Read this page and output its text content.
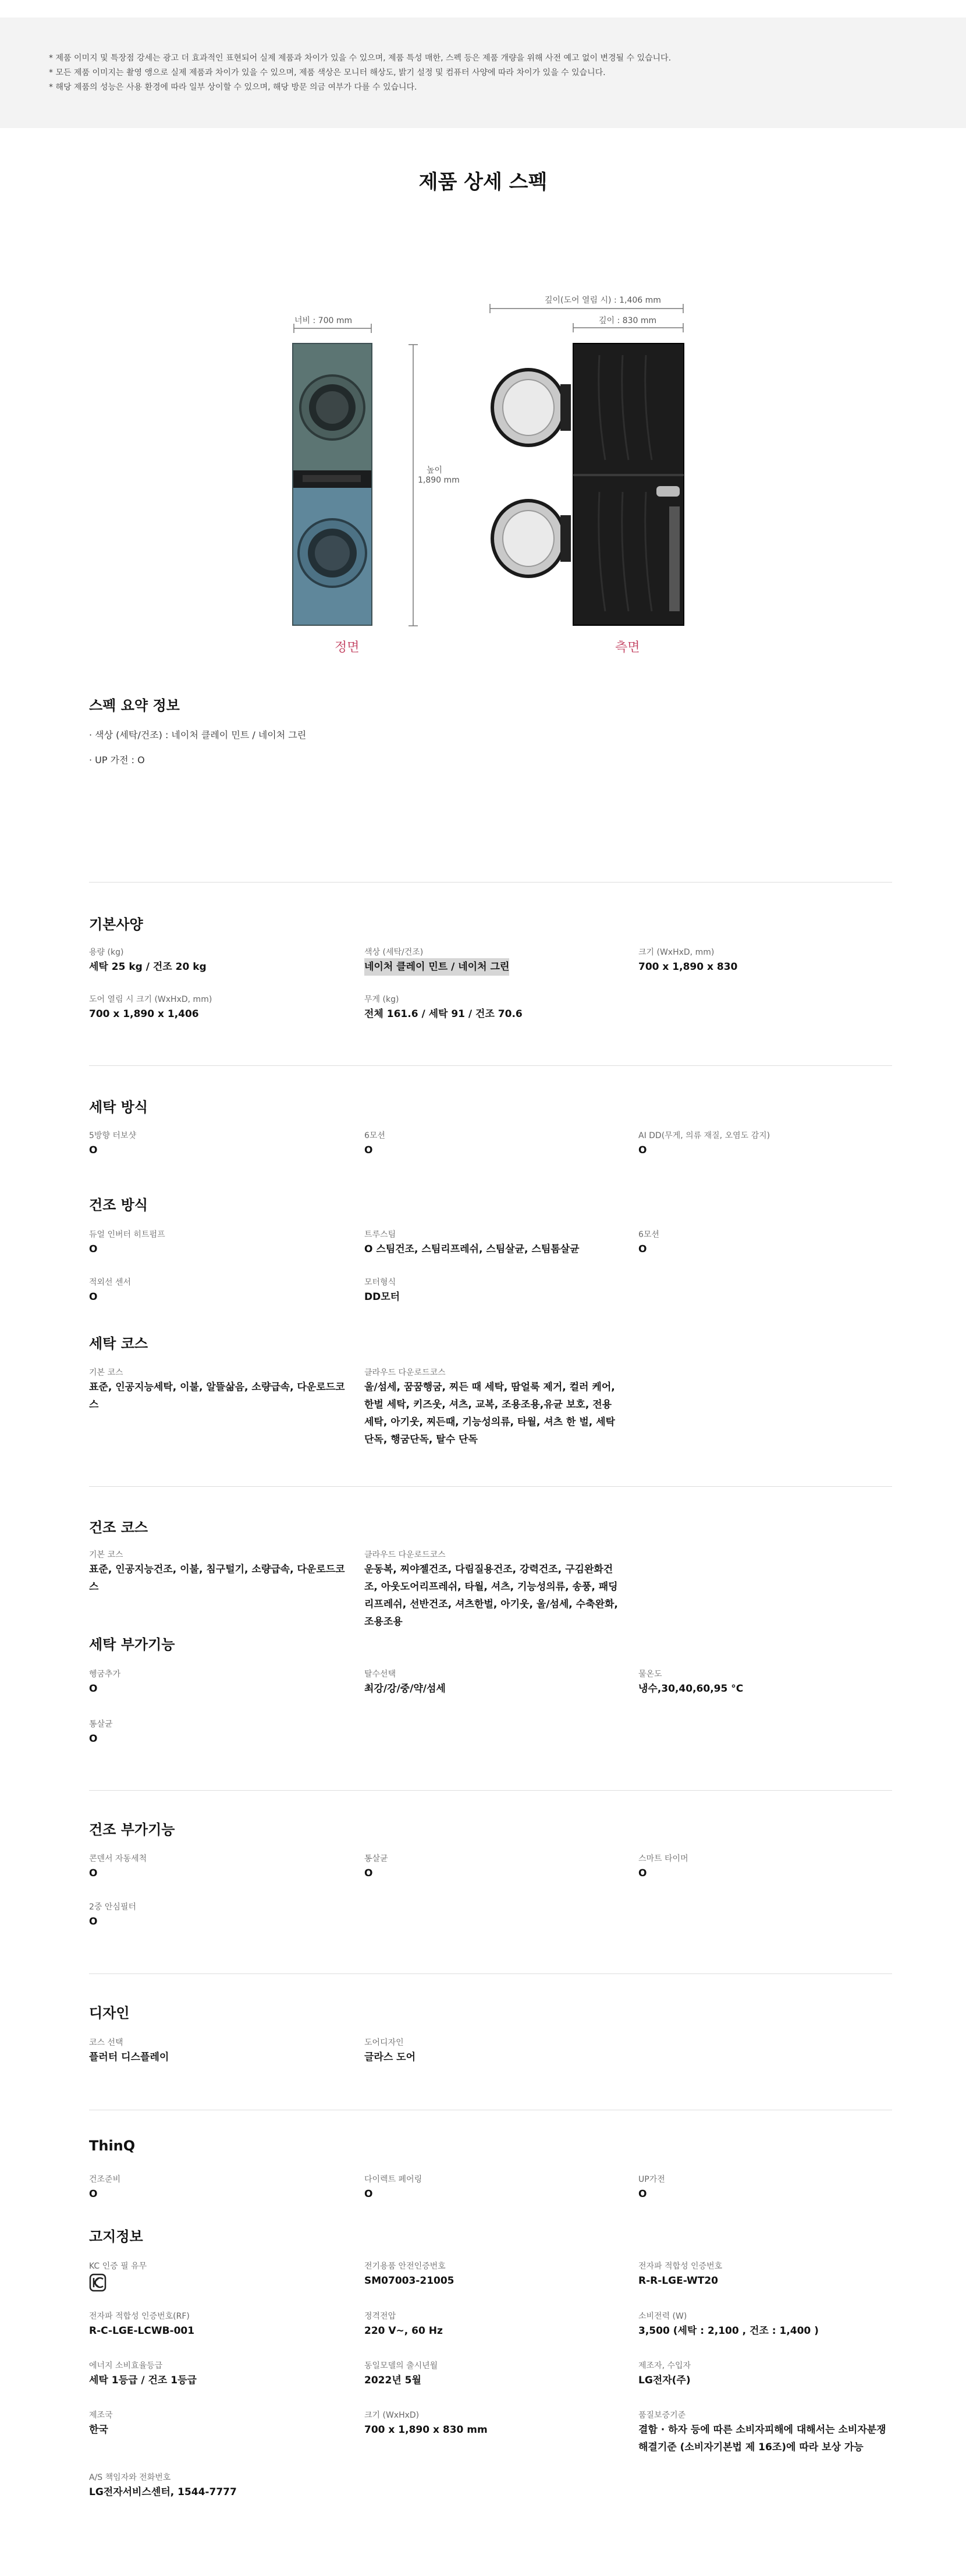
* 제품 이미지 및 특장점 강세는 광고 더 효과적인 표현되어 실제 제품과 차이가 있을 수 있으며, 제품 특성 매한, 스펙 등은 제품 개량을 위해 사전 예고 없이 변경될 수 있습니다.

* 모든 제품 이미지는 촬영 앵으로 실제 제품과 차이가 있을 수 있으며, 제품 색상은 모니터 해상도, 밝기 설정 및 컴퓨터 사양에 따라 차이가 있을 수 있습니다.

* 해당 제품의 성능은 사용 환경에 따라 일부 상이할 수 있으며, 해당 방문 의금 여부가 다를 수 있습니다.

제품 상세 스펙
너비 : 700 mm
높이
1,890 mm
깊이(도어 열림 시) : 1,406 mm
깊이 : 830 mm
정면	측면
스펙 요약 정보
· 색상 (세탁/건조) : 네이처 클레이 민트 / 네이처 그린
· UP 가전 : O
기본사양
용량 (kg)
세탁 25 kg / 건조 20 kg
색상 (세탁/건조)
네이처 클레이 민트 / 네이처 그린
크기 (WxHxD, mm)
700 x 1,890 x 830
도어 열림 시 크기 (WxHxD, mm)
700 x 1,890 x 1,406
무게 (kg)
전체 161.6 / 세탁 91 / 건조 70.6
세탁 방식
5방향 터보샷
O
6모션
O
AI DD(무게, 의류 재질, 오염도 감지)
O
건조 방식
듀얼 인버터 히트펌프
O
트루스팀
O 스팀건조, 스팀리프레쉬, 스팀살균, 스팀톰살균
6모션
O
적외선 센서
O
모터형식
DD모터
세탁 코스
기본 코스
표준, 인공지능세탁, 이불, 알뜰삶음, 소량급속, 다운로드코스
클라우드 다운로드코스
울/섬세, 꿈꿈행굼, 찌든 때 세탁, 땀얼룩 제거, 컬러 케어, 한벌 세탁, 키즈웃, 셔츠, 교복, 조용조용,유균 보호, 전용세탁, 아기웃, 찌든때, 기능성의류, 타월, 셔츠 한 벌, 세탁단독, 행굼단독, 탈수 단독
건조 코스
기본 코스
표준, 인공지능건조, 이불, 침구털기, 소량급속, 다운로드코스
클라우드 다운로드코스
운동복, 찌야젤건조, 다림질용건조, 강력건조, 구김완화건조, 아웃도어리프레쉬, 타월, 셔츠, 기능성의류, 송풍, 패딩리프레쉬, 선반건조, 셔츠한벌, 아기웃, 울/섬세, 수축완화, 조용조용
세탁 부가기능
헹굼추가
O
탈수선택
최강/강/중/약/섬세
물온도
냉수,30,40,60,95 °C
통살균
O
건조 부가기능
콘덴서 자동세척
O
통살균
O
스마트 타이머
O
2중 안심필터
O
디자인
코스 선택
플러터 디스플레이
도어디자인
글라스 도어
ThinQ
건조준비
O
다이렉트 페어링
O
UP가전
O
고지정보
KC 인증 필 유무	전기용품 안전인증번호
SM07003-21005
전자파 적합성 인증번호
R-R-LGE-WT20
전자파 적합성 인증번호(RF)
R-C-LGE-LCWB-001
정격전압
220 V~, 60 Hz
소비전력 (W)
3,500 (세탁 : 2,100 , 건조 : 1,400 )
에너지 소비효율등급
세탁 1등급 / 건조 1등급
동일모델의 출시년월
2022년 5월
제조자, 수입자
LG전자(주)
제조국
한국
크기 (WxHxD)
700 x 1,890 x 830 mm
품질보증기준
결함 · 하자 등에 따른 소비자피해에 대해서는 소비자분쟁해결기준 (소비자기본법 제 16조)에 따라 보상 가능
A/S 책임자와 전화번호
LG전자서비스센터, 1544-7777
